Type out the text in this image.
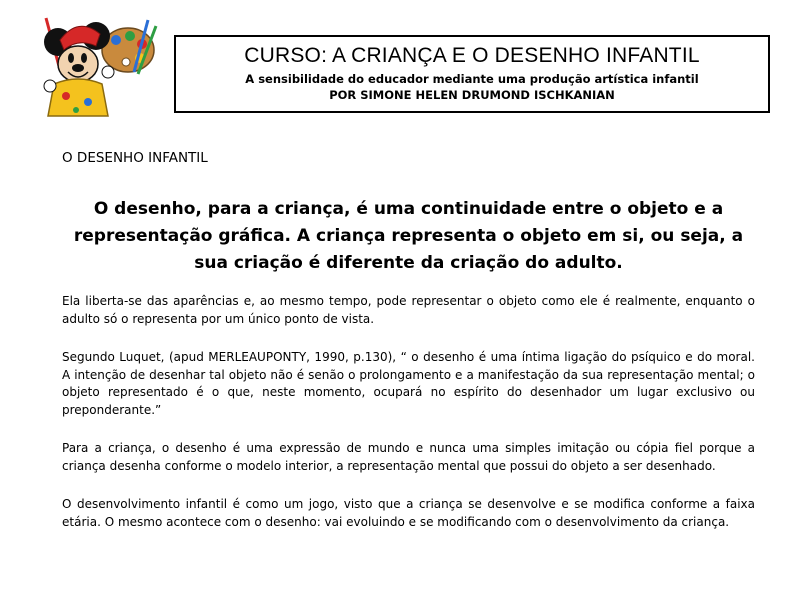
CURSO: A CRIANÇA E O DESENHO INFANTIL
A sensibilidade do educador mediante uma produção artística infantil
POR SIMONE HELEN DRUMOND ISCHKANIAN
O DESENHO INFANTIL
O desenho, para a criança, é uma continuidade entre o objeto e a representação gráfica. A criança representa o objeto em si, ou seja, a sua criação é diferente da criação do adulto.

Ela liberta-se das aparências e, ao mesmo tempo, pode representar o objeto como ele é realmente, enquanto o adulto só o representa por um único ponto de vista.

Segundo Luquet, (apud MERLEAUPONTY, 1990, p.130), “ o desenho é uma íntima ligação do psíquico e do moral. A intenção de desenhar tal objeto não é senão o prolongamento e a manifestação da sua representação mental; o objeto representado é o que, neste momento, ocupará no espírito do desenhador um lugar exclusivo ou preponderante.”

Para a criança, o desenho é uma expressão de mundo e nunca uma simples imitação ou cópia fiel porque a criança desenha conforme o modelo interior, a representação mental que possui do objeto a ser desenhado.

O desenvolvimento infantil é como um jogo, visto que a criança se desenvolve e se modifica conforme a faixa etária. O mesmo acontece com o desenho: vai evoluindo e se modificando com o desenvolvimento da criança.
